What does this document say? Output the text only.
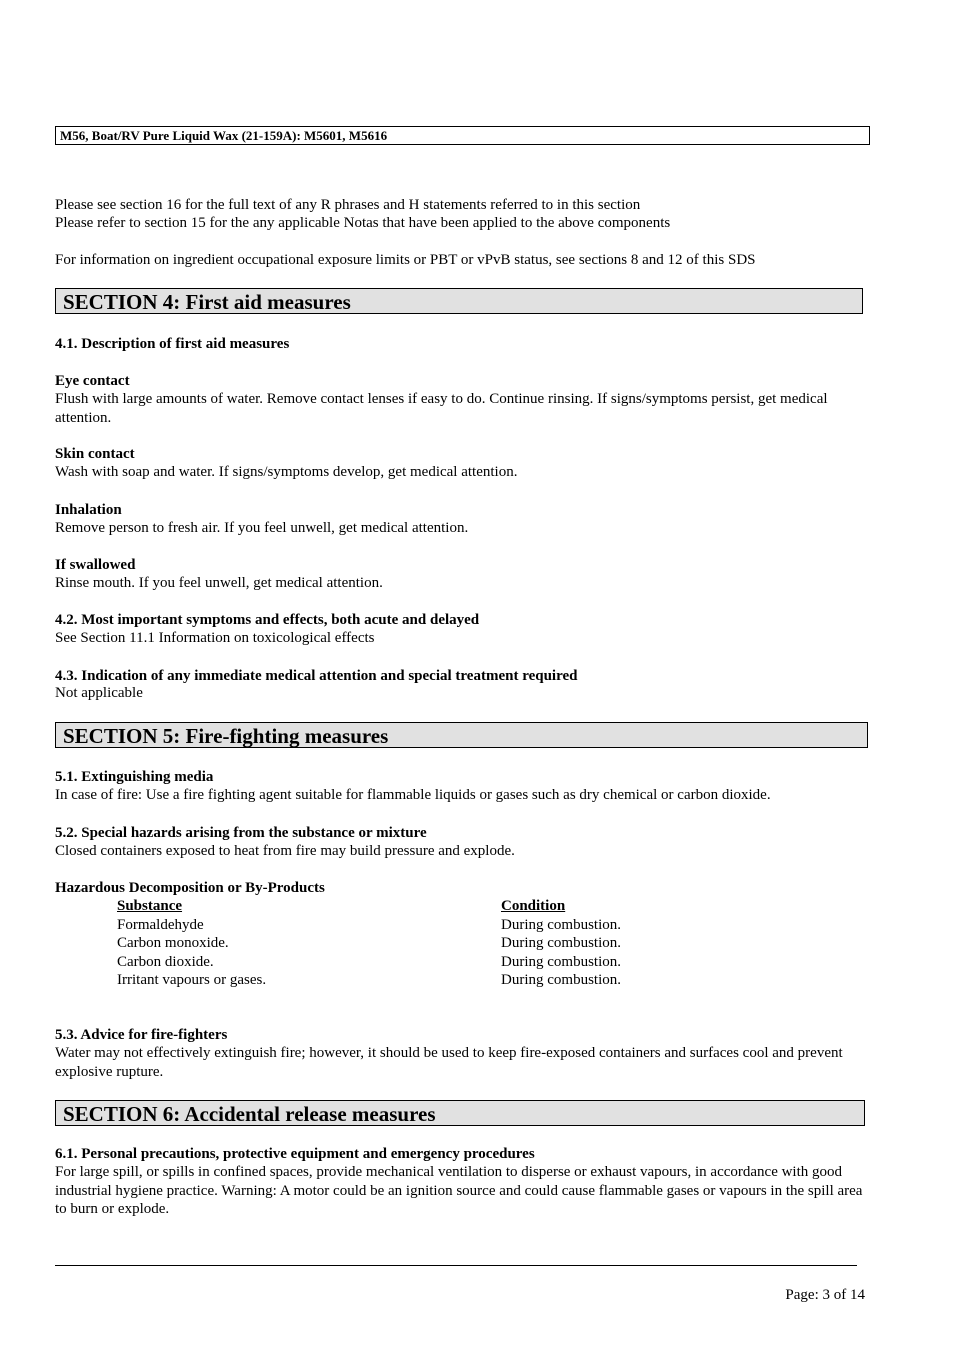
M56, Boat/RV Pure Liquid Wax (21-159A): M5601, M5616

Please see section 16 for the full text of any R phrases and H statements referred to in this section

Please refer to section 15 for the any applicable Notas that have been applied to the above components

For information on ingredient occupational exposure limits or PBT or vPvB status, see sections 8 and 12 of this SDS

SECTION 4: First aid measures

4.1. Description of first aid measures

Eye contact

Flush with large amounts of water. Remove contact lenses if easy to do. Continue rinsing. If signs/symptoms persist, get medical attention.

Skin contact

Wash with soap and water. If signs/symptoms develop, get medical attention.

Inhalation

Remove person to fresh air. If you feel unwell, get medical attention.

If swallowed

Rinse mouth. If you feel unwell, get medical attention.

4.2. Most important symptoms and effects, both acute and delayed

See Section 11.1 Information on toxicological effects

4.3. Indication of any immediate medical attention and special treatment required

Not applicable

SECTION 5: Fire-fighting measures

5.1. Extinguishing media

In case of fire: Use a fire fighting agent suitable for flammable liquids or gases such as dry chemical or carbon dioxide.

5.2. Special hazards arising from the substance or mixture

Closed containers exposed to heat from fire may build pressure and explode.

Hazardous Decomposition or By-Products

Substance
Formaldehyde
Carbon monoxide.
Carbon dioxide.
Irritant vapours or gases.
Condition
During combustion.
During combustion.
During combustion.
During combustion.

5.3. Advice for fire-fighters

Water may not effectively extinguish fire; however, it should be used to keep fire-exposed containers and surfaces cool and prevent explosive rupture.

SECTION 6: Accidental release measures

6.1. Personal precautions, protective equipment and emergency procedures

For large spill, or spills in confined spaces, provide mechanical ventilation to disperse or exhaust vapours, in accordance with good industrial hygiene practice. Warning: A motor could be an ignition source and could cause flammable gases or vapours in the spill area to burn or explode.

Page: 3 of 14
